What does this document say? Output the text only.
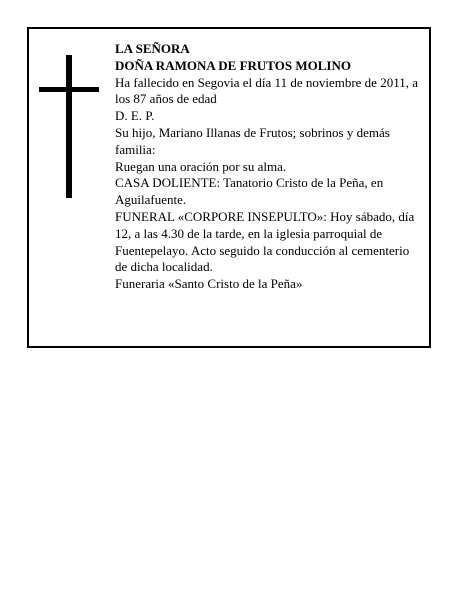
LA SEÑORA
DOÑA RAMONA DE FRUTOS MOLINO
Ha fallecido en Segovia el día 11 de noviembre de 2011, a los 87 años de edad
D. E. P.
Su hijo, Mariano Illanas de Frutos; sobrinos y demás familia:
Ruegan una oración por su alma.
CASA DOLIENTE: Tanatorio Cristo de la Peña, en Aguilafuente.
FUNERAL «CORPORE INSEPULTO»: Hoy sábado, día 12, a las 4.30 de la tarde, en la iglesia parroquial de Fuentepelayo. Acto seguido la conducción al cementerio de dicha localidad.
Funeraria «Santo Cristo de la Peña»
